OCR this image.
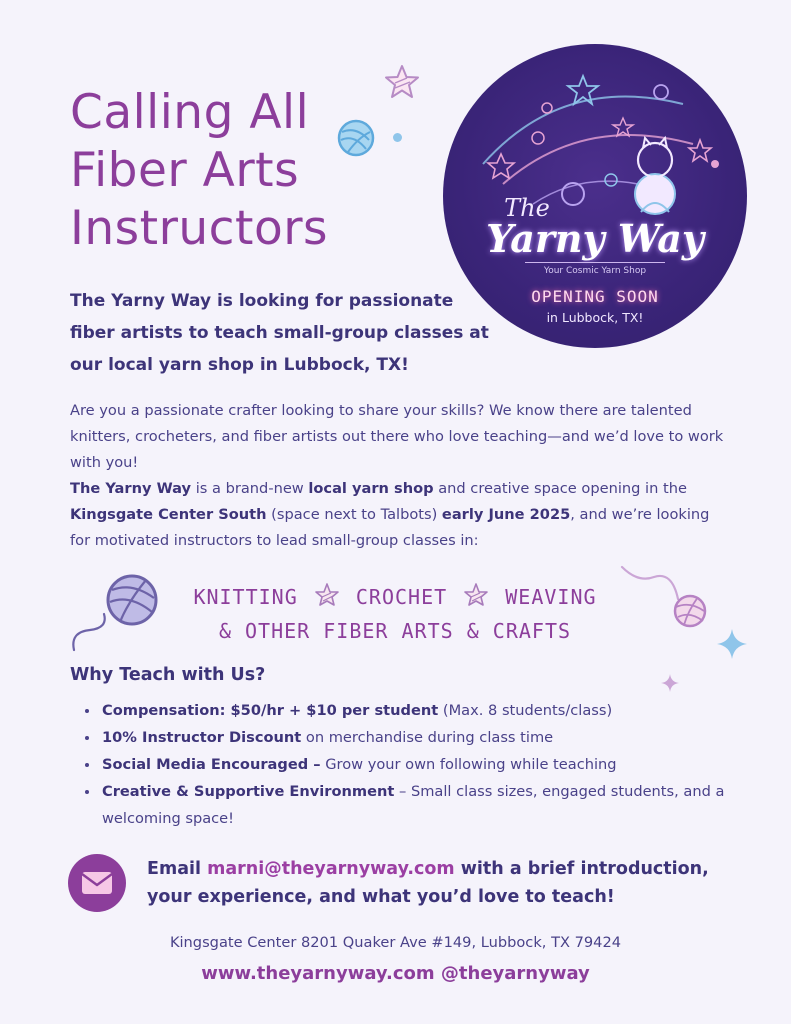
Calling All
Fiber Arts
Instructors	The
Yarny Way
Your Cosmic Yarn Shop
OPENING SOON
in Lubbock, TX!

The Yarny Way is looking for passionate fiber artists to teach small-group classes at our local yarn shop in Lubbock, TX!

Are you a passionate crafter looking to share your skills? We know there are talented knitters, crocheters, and fiber artists out there who love teaching—and we’d love to work with you!
The Yarny Way is a brand-new local yarn shop and creative space opening in the Kingsgate Center South (space next to Talbots) early June 2025, and we’re looking for motivated instructors to lead small-group classes in:
KNITTING	CROCHET	WEAVING
& OTHER FIBER ARTS & CRAFTS
Why Teach with Us?
• Compensation: $50/hr + $10 per student (Max. 8 students/class)
• 10% Instructor Discount on merchandise during class time
• Social Media Encouraged – Grow your own following while teaching
• Creative & Supportive Environment – Small class sizes, engaged students, and a welcoming space!

Email marni@theyarnyway.com with a brief introduction, your experience, and what you’d love to teach!

Kingsgate Center 8201 Quaker Ave #149, Lubbock, TX 79424

www.theyarnyway.com @theyarnyway
